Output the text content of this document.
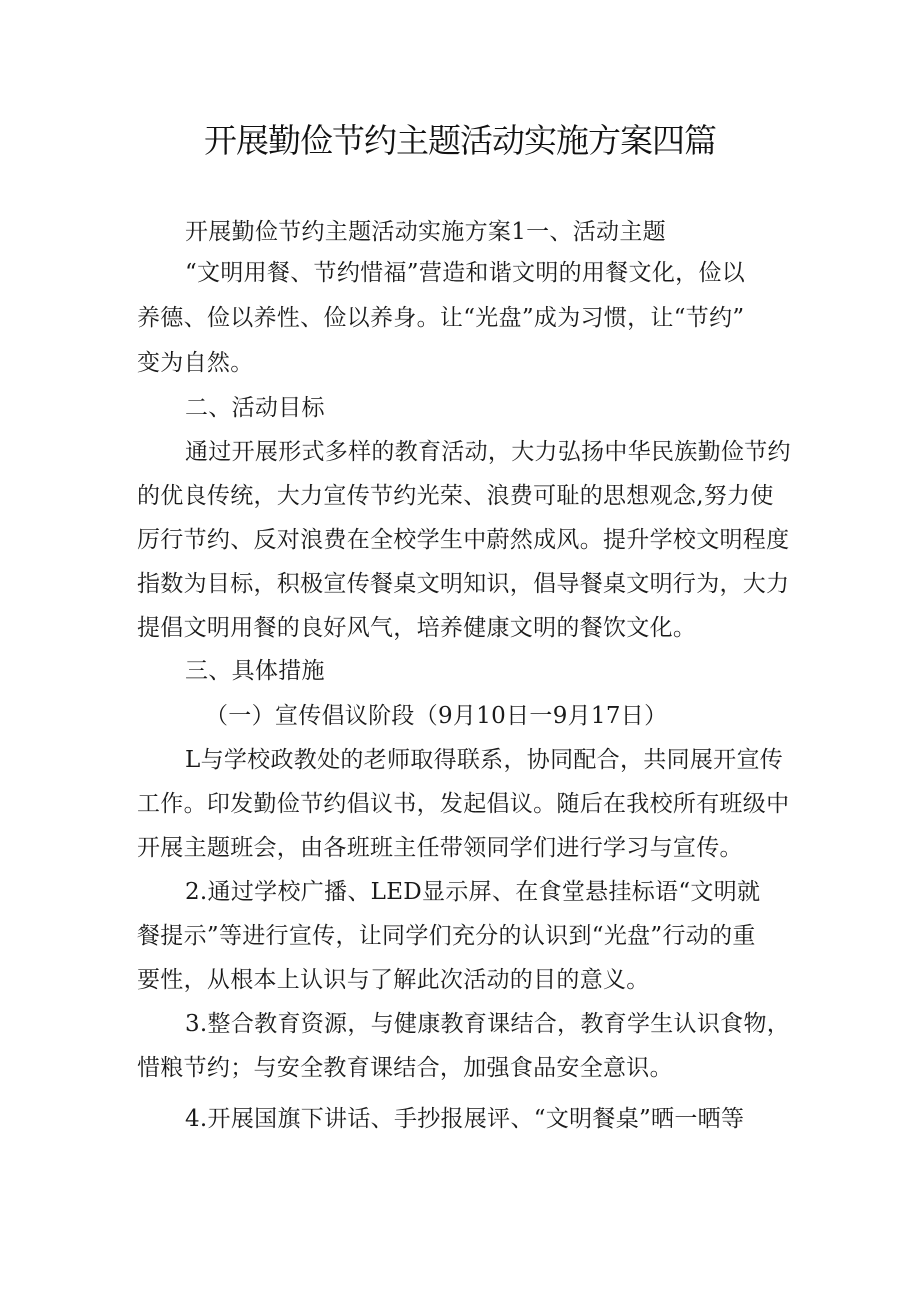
开展勤俭节约主题活动实施方案四篇

开展勤俭节约主题活动实施方案1一、活动主题

“文明用餐、节约惜福”营造和谐文明的用餐文化，俭以

养德、俭以养性、俭以养身。让“光盘”成为习惯，让“节约”

变为自然。

二、活动目标

通过开展形式多样的教育活动，大力弘扬中华民族勤俭节约

的优良传统，大力宣传节约光荣、浪费可耻的思想观念,努力使

厉行节约、反对浪费在全校学生中蔚然成风。提升学校文明程度

指数为目标，积极宣传餐桌文明知识，倡导餐桌文明行为，大力

提倡文明用餐的良好风气，培养健康文明的餐饮文化。

三、具体措施

（一）宣传倡议阶段（9月10日一9月17日）

L与学校政教处的老师取得联系，协同配合，共同展开宣传

工作。印发勤俭节约倡议书，发起倡议。随后在我校所有班级中

开展主题班会，由各班班主任带领同学们进行学习与宣传。

2.通过学校广播、LED显示屏、在食堂悬挂标语“文明就

餐提示”等进行宣传，让同学们充分的认识到“光盘”行动的重

要性，从根本上认识与了解此次活动的目的意义。

3.整合教育资源，与健康教育课结合，教育学生认识食物，

惜粮节约；与安全教育课结合，加强食品安全意识。

4.开展国旗下讲话、手抄报展评、“文明餐桌”晒一晒等
